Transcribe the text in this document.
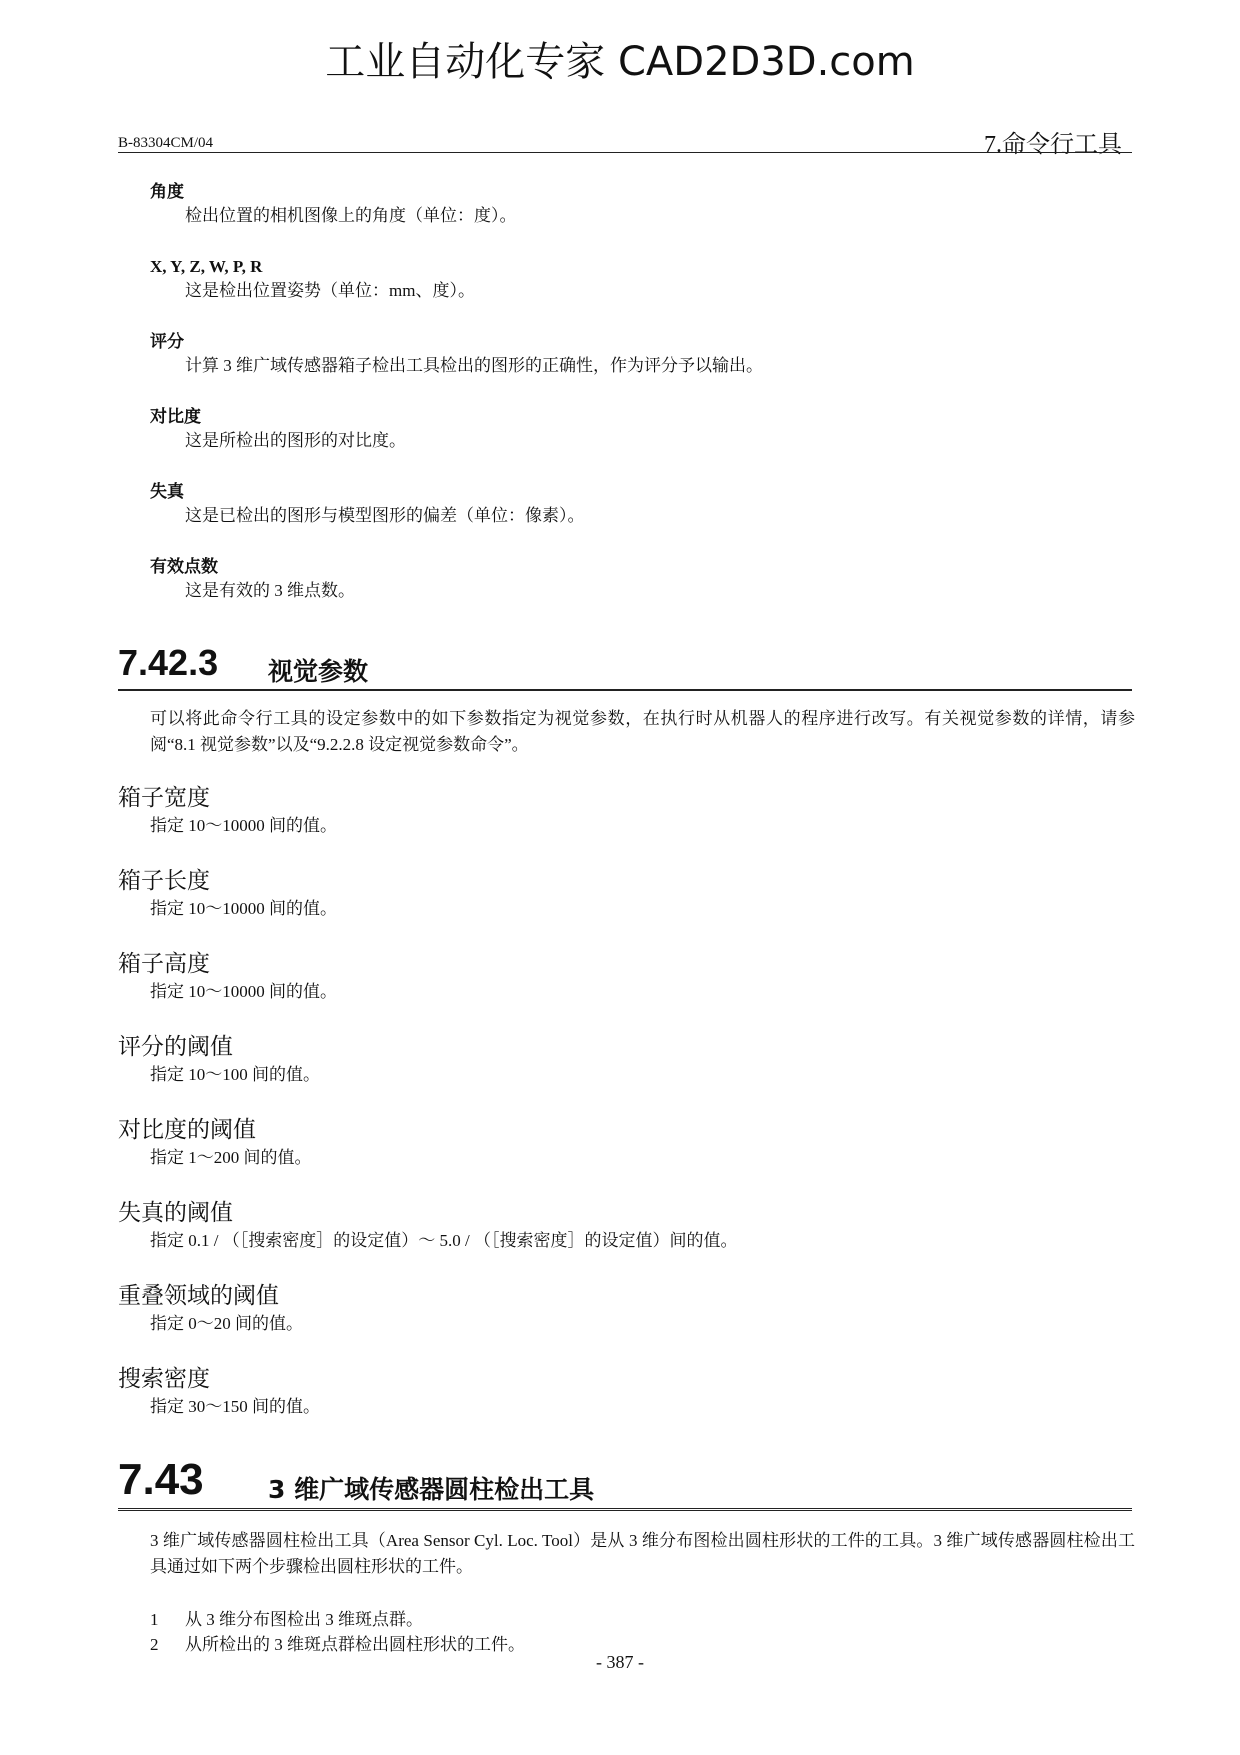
工业自动化专家 CAD2D3D.com
B-83304CM/04	7.命令行工具
角度
检出位置的相机图像上的角度（单位：度）。
X, Y, Z, W, P, R
这是检出位置姿势（单位：mm、度）。
评分
计算 3 维广域传感器箱子检出工具检出的图形的正确性，作为评分予以输出。
对比度
这是所检出的图形的对比度。
失真
这是已检出的图形与模型图形的偏差（单位：像素）。
有效点数
这是有效的 3 维点数。
7.42.3 视觉参数
可以将此命令行工具的设定参数中的如下参数指定为视觉参数，在执行时从机器人的程序进行改写。有关视觉参数的详情，请参阅“8.1 视觉参数”以及“9.2.2.8 设定视觉参数命令”。
箱子宽度
指定 10～10000 间的值。
箱子长度
指定 10～10000 间的值。
箱子高度
指定 10～10000 间的值。
评分的阈值
指定 10～100 间的值。
对比度的阈值
指定 1～200 间的值。
失真的阈值
指定 0.1 / （［搜索密度］的设定值）～ 5.0 / （［搜索密度］的设定值）间的值。
重叠领域的阈值
指定 0～20 间的值。
搜索密度
指定 30～150 间的值。
7.43	3 维广域传感器圆柱检出工具
3 维广域传感器圆柱检出工具（Area Sensor Cyl. Loc. Tool）是从 3 维分布图检出圆柱形状的工件的工具。3 维广域传感器圆柱检出工具通过如下两个步骤检出圆柱形状的工件。
1 从 3 维分布图检出 3 维斑点群。
2 从所检出的 3 维斑点群检出圆柱形状的工件。
- 387 -
